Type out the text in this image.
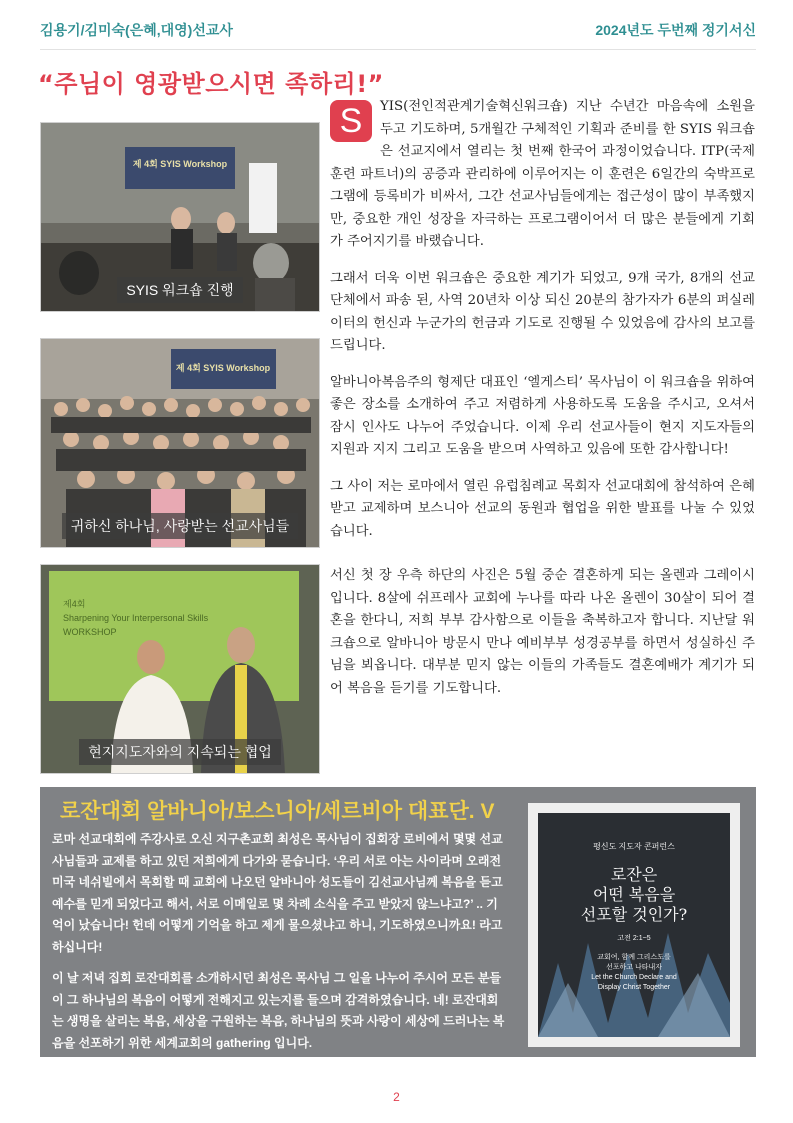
김용기/김미숙(은혜,대영)선교사	2024년도 두번째 정기서신
“주님이 영광받으시면 족하리!”
제 4회 SYIS Workshop
SYIS 워크숍 진행
제 4회 SYIS Workshop
귀하신 하나님, 사랑받는 선교사님들
제4회
Sharpening Your Interpersonal Skills
WORKSHOP
현지지도자와의 지속되는 협업
S	YIS(전인적관계기술혁신워크숍) 지난 수년간 마음속에 소원을 두고 기도하며, 5개월간 구체적인 기획과 준비를 한 SYIS 워크숍은 선교지에서 열리는 첫 번째 한국어 과정이었습니다. ITP(국제 훈련 파트너)의 공증과 관리하에 이루어지는 이 훈련은 6일간의 숙박프로그램에 등록비가 비싸서, 그간 선교사님들에게는 접근성이 많이 부족했지만, 중요한 개인 성장을 자극하는 프로그램이어서 더 많은 분들에게 기회가 주어지기를 바랬습니다.
그래서 더욱 이번 워크숍은 중요한 계기가 되었고, 9개 국가, 8개의 선교단체에서 파송 된, 사역 20년차 이상 되신 20분의 참가자가 6분의 퍼실레이터의 헌신과 누군가의 헌금과 기도로 진행될 수 있었음에 감사의 보고를 드립니다.
알바니아복음주의 형제단 대표인 ‘엘게스티’ 목사님이 이 워크숍을 위하여 좋은 장소를 소개하여 주고 저렴하게 사용하도록 도움을 주시고, 오셔서 잠시 인사도 나누어 주었습니다. 이제 우리 선교사들이 현지 지도자들의 지원과 지지 그리고 도움을 받으며 사역하고 있음에 또한 감사합니다!
그 사이 저는 로마에서 열린 유럽침례교 목회자 선교대회에 참석하여 은혜받고 교제하며 보스니아 선교의 동원과 협업을 위한 발표를 나눌 수 있었습니다.
서신 첫 장 우측 하단의 사진은 5월 중순 결혼하게 되는 올렌과 그레이시입니다. 8살에 쉬프레사 교회에 누나를 따라 나온 올렌이 30살이 되어 결혼을 한다니, 저희 부부 감사함으로 이들을 축복하고자 합니다. 지난달 워크숍으로 알바니아 방문시 만나 예비부부 성경공부를 하면서 성실하신 주님을 뵈옵니다. 대부분 믿지 않는 이들의 가족들도 결혼예배가 계기가 되어 복음을 듣기를 기도합니다.
로잔대회 알바니아/보스니아/세르비아 대표단. V

로마 선교대회에 주강사로 오신 지구촌교회 최성은 목사님이 집회장 로비에서 몇몇 선교사님들과 교제를 하고 있던 저희에게 다가와 묻습니다. ‘우리 서로 아는 사이라며 오래전 미국 네쉬빌에서 목회할 때 교회에 나오던 알바니아 성도들이 김선교사님께 복음을 듣고 예수를 믿게 되었다고 해서, 서로 이메일로 몇 차례 소식을 주고 받았지 않느냐고?’ .. 기억이 났습니다! 헌데 어떻게 기억을 하고 제게 물으셨냐고 하니, 기도하였으니까요! 라고 하십니다!

이 날 저녁 집회 로잔대회를 소개하시던 최성은 목사님 그 일을 나누어 주시어 모든 분들이 그 하나님의 복음이 어떻게 전해지고 있는지를 들으며 감격하였습니다. 네! 로잔대회는 생명을 살리는 복음, 세상을 구원하는 복음, 하나님의 뜻과 사랑이 세상에 드러나는 복음을 선포하기 위한 세계교회의 gathering 입니다.

평신도 지도자 콘퍼런스
로잔은
어떤 복음을
선포할 것인가?
고전 2:1~5
교회여, 함께 그리스도를
선포하고 나타내자
Let the Church Declare and
Display Christ Together
2
